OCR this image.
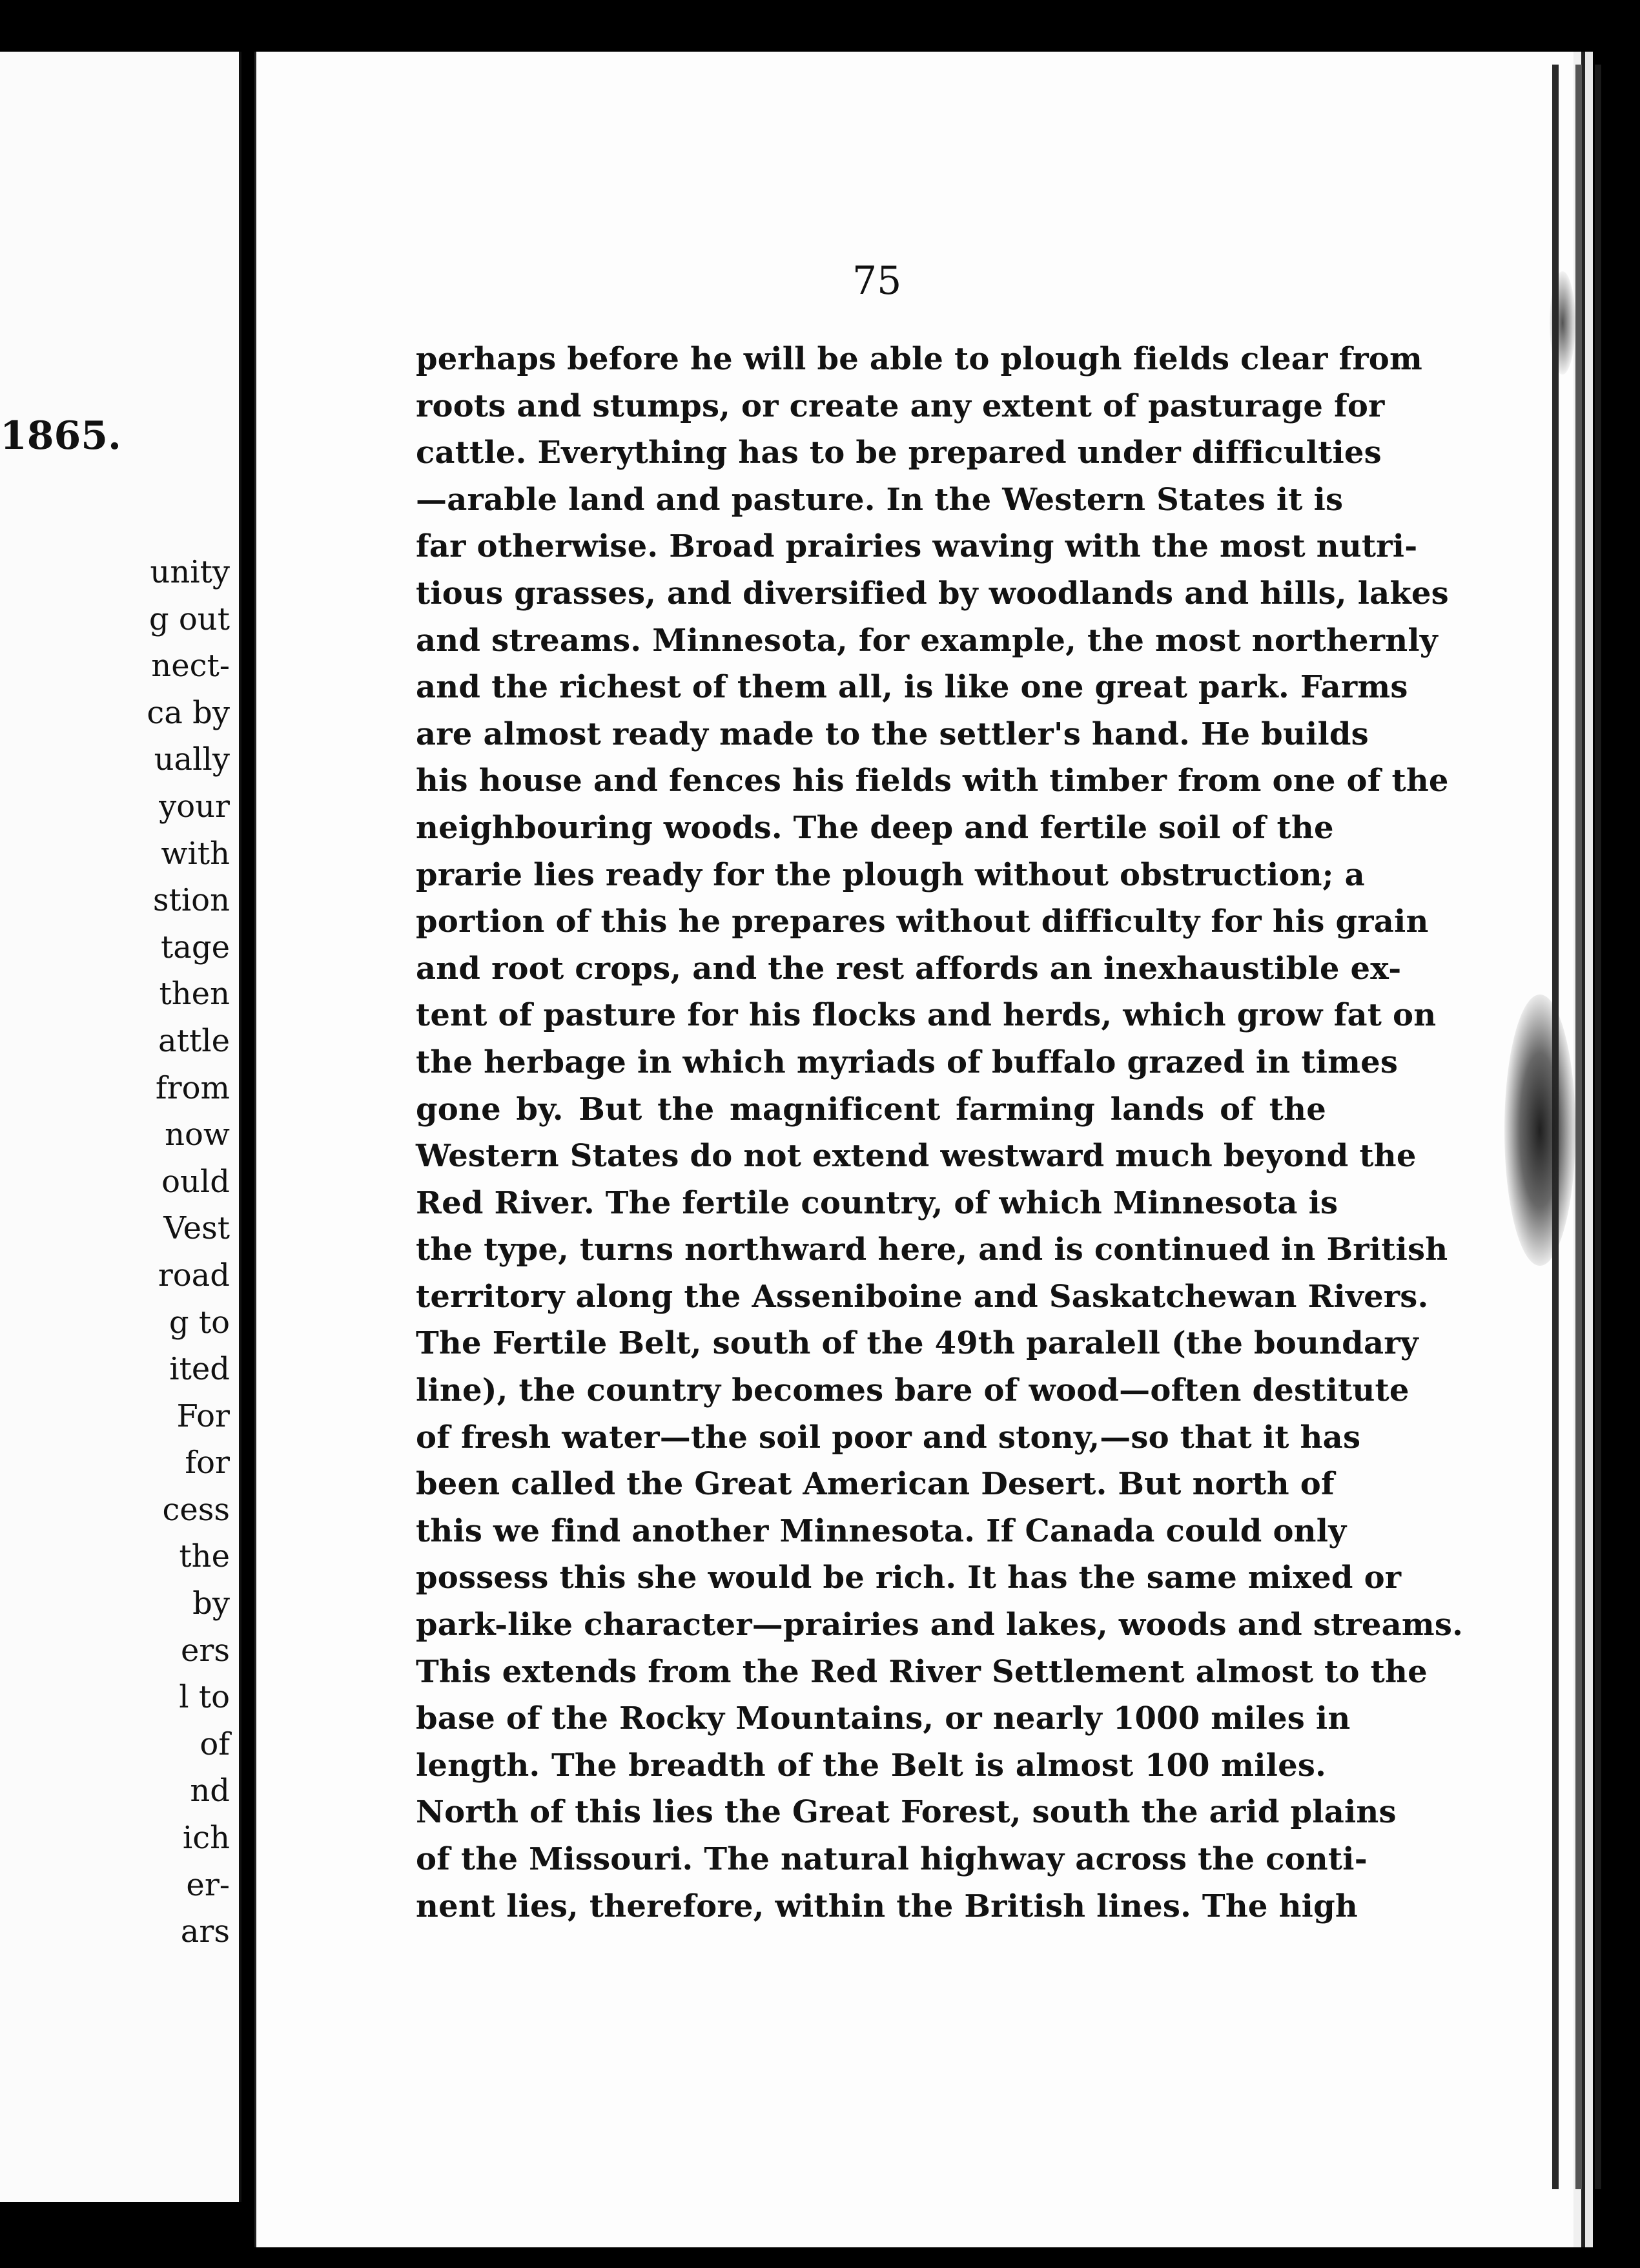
1865.
unity
g out
nect-
ca by
ually
your
with
stion
tage
then
attle
from
now
ould
Vest
road
g to
ited
For
for
cess
the
by
ers
l to
of
nd
ich
er-
ars
75
perhaps before he will be able to plough fields clear from
roots and stumps, or create any extent of pasturage for
cattle. Everything has to be prepared under difficulties
—arable land and pasture. In the Western States it is
far otherwise. Broad prairies waving with the most nutri-
tious grasses, and diversified by woodlands and hills, lakes
and streams. Minnesota, for example, the most northernly
and the richest of them all, is like one great park. Farms
are almost ready made to the settler's hand. He builds
his house and fences his fields with timber from one of the
neighbouring woods. The deep and fertile soil of the
prarie lies ready for the plough without obstruction; a
portion of this he prepares without difficulty for his grain
and root crops, and the rest affords an inexhaustible ex-
tent of pasture for his flocks and herds, which grow fat on
the herbage in which myriads of buffalo grazed in times
gone by. But the magnificent farming lands of the
Western States do not extend westward much beyond the
Red River. The fertile country, of which Minnesota is
the type, turns northward here, and is continued in British
territory along the Asseniboine and Saskatchewan Rivers.
The Fertile Belt, south of the 49th paralell (the boundary
line), the country becomes bare of wood—often destitute
of fresh water—the soil poor and stony,—so that it has
been called the Great American Desert. But north of
this we find another Minnesota. If Canada could only
possess this she would be rich. It has the same mixed or
park-like character—prairies and lakes, woods and streams.
This extends from the Red River Settlement almost to the
base of the Rocky Mountains, or nearly 1000 miles in
length. The breadth of the Belt is almost 100 miles.
North of this lies the Great Forest, south the arid plains
of the Missouri. The natural highway across the conti-
nent lies, therefore, within the British lines. The high
